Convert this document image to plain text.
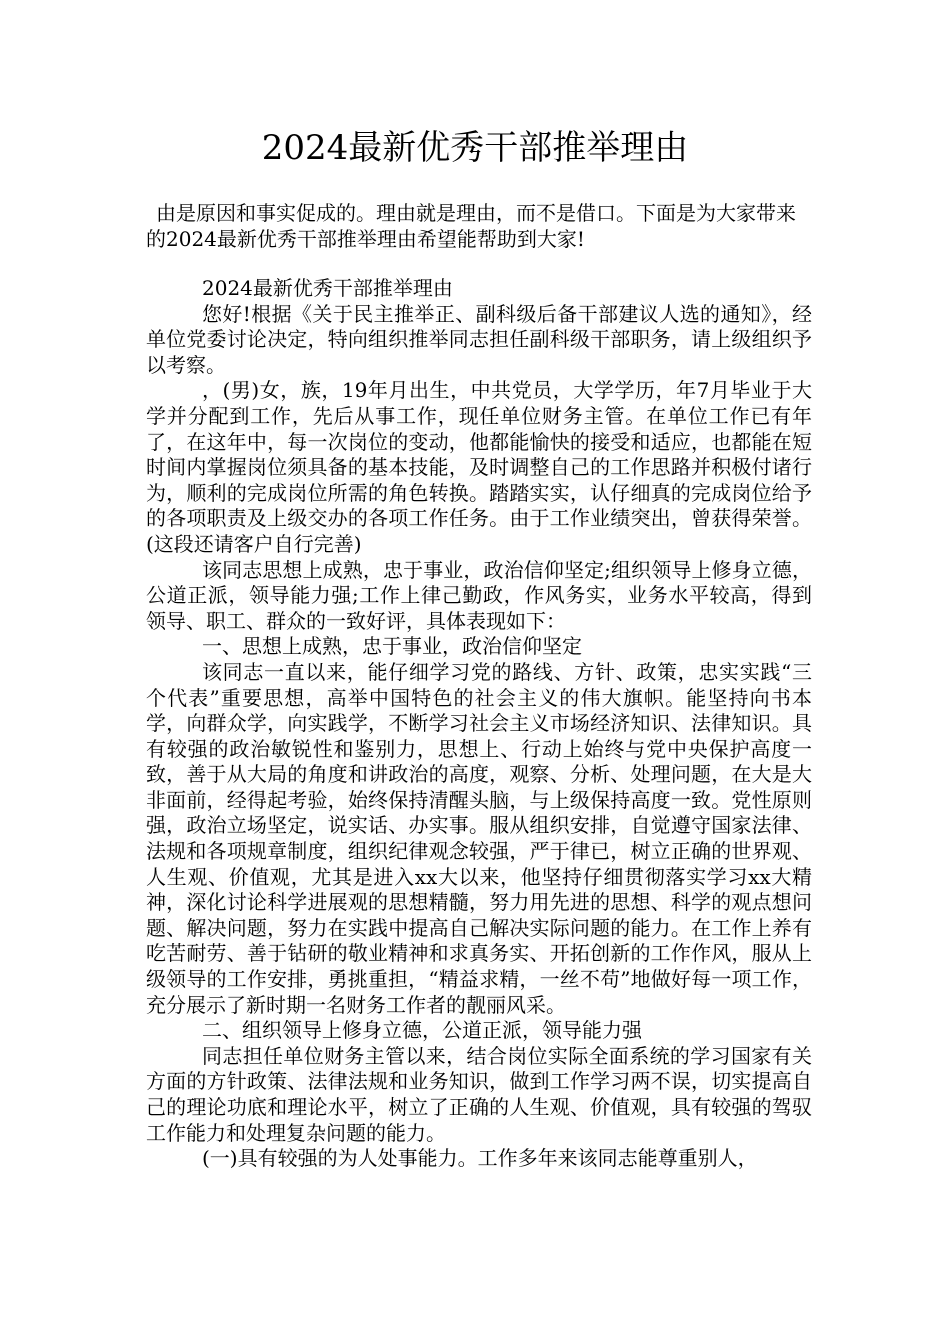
2024最新优秀干部推举理由
由是原因和事实促成的。理由就是理由，而不是借口。下面是为大家带来的2024最新优秀干部推举理由希望能帮助到大家!

2024最新优秀干部推举理由

您好!根据《关于民主推举正、副科级后备干部建议人选的通知》，经单位党委讨论决定，特向组织推举同志担任副科级干部职务，请上级组织予以考察。

，(男)女，族，19年月出生，中共党员，大学学历，年7月毕业于大学并分配到工作，先后从事工作，现任单位财务主管。在单位工作已有年了，在这年中，每一次岗位的变动，他都能愉快的接受和适应，也都能在短时间内掌握岗位须具备的基本技能，及时调整自己的工作思路并积极付诸行为，顺利的完成岗位所需的角色转换。踏踏实实，认仔细真的完成岗位给予的各项职责及上级交办的各项工作任务。由于工作业绩突出，曾获得荣誉。(这段还请客户自行完善)

该同志思想上成熟，忠于事业，政治信仰坚定;组织领导上修身立德，公道正派，领导能力强;工作上律己勤政，作风务实，业务水平较高，得到领导、职工、群众的一致好评，具体表现如下：

一、思想上成熟，忠于事业，政治信仰坚定

该同志一直以来，能仔细学习党的路线、方针、政策，忠实实践“三个代表”重要思想，高举中国特色的社会主义的伟大旗帜。能坚持向书本学，向群众学，向实践学，不断学习社会主义市场经济知识、法律知识。具有较强的政治敏锐性和鉴别力，思想上、行动上始终与党中央保护高度一致，善于从大局的角度和讲政治的高度，观察、分析、处理问题，在大是大非面前，经得起考验，始终保持清醒头脑，与上级保持高度一致。党性原则强，政治立场坚定，说实话、办实事。服从组织安排，自觉遵守国家法律、法规和各项规章制度，组织纪律观念较强，严于律已，树立正确的世界观、人生观、价值观，尤其是进入xx大以来，他坚持仔细贯彻落实学习xx大精神，深化讨论科学进展观的思想精髓，努力用先进的思想、科学的观点想问题、解决问题，努力在实践中提高自己解决实际问题的能力。在工作上养有吃苦耐劳、善于钻研的敬业精神和求真务实、开拓创新的工作作风，服从上级领导的工作安排，勇挑重担，“精益求精，一丝不苟”地做好每一项工作，充分展示了新时期一名财务工作者的靓丽风采。

二、组织领导上修身立德，公道正派，领导能力强

同志担任单位财务主管以来，结合岗位实际全面系统的学习国家有关方面的方针政策、法律法规和业务知识，做到工作学习两不误，切实提高自己的理论功底和理论水平，树立了正确的人生观、价值观，具有较强的驾驭工作能力和处理复杂问题的能力。

(一)具有较强的为人处事能力。工作多年来该同志能尊重别人，
